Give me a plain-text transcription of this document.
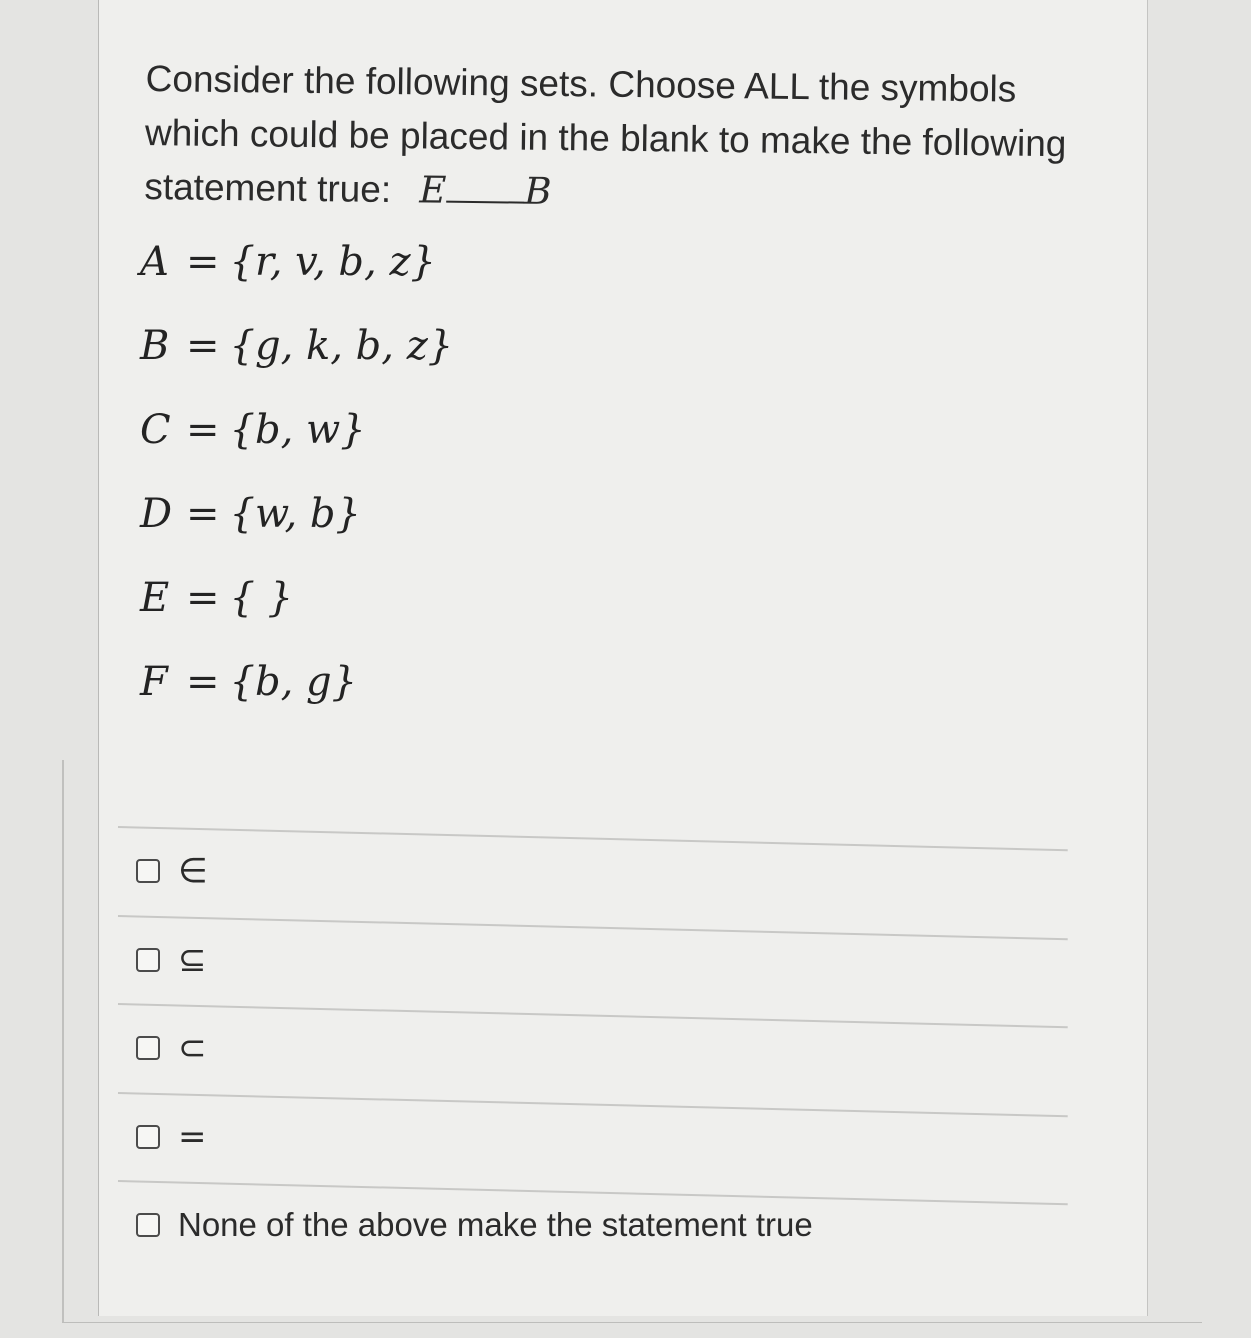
Consider the following sets. Choose ALL the symbols which could be placed in the blank to make the following statement true: E B
A = {r, v, b, z}
B = {g, k, b, z}
C = {b, w}
D = {w, b}
E = { }
F = {b, g}
∈
⊆
⊂
=
None of the above make the statement true
